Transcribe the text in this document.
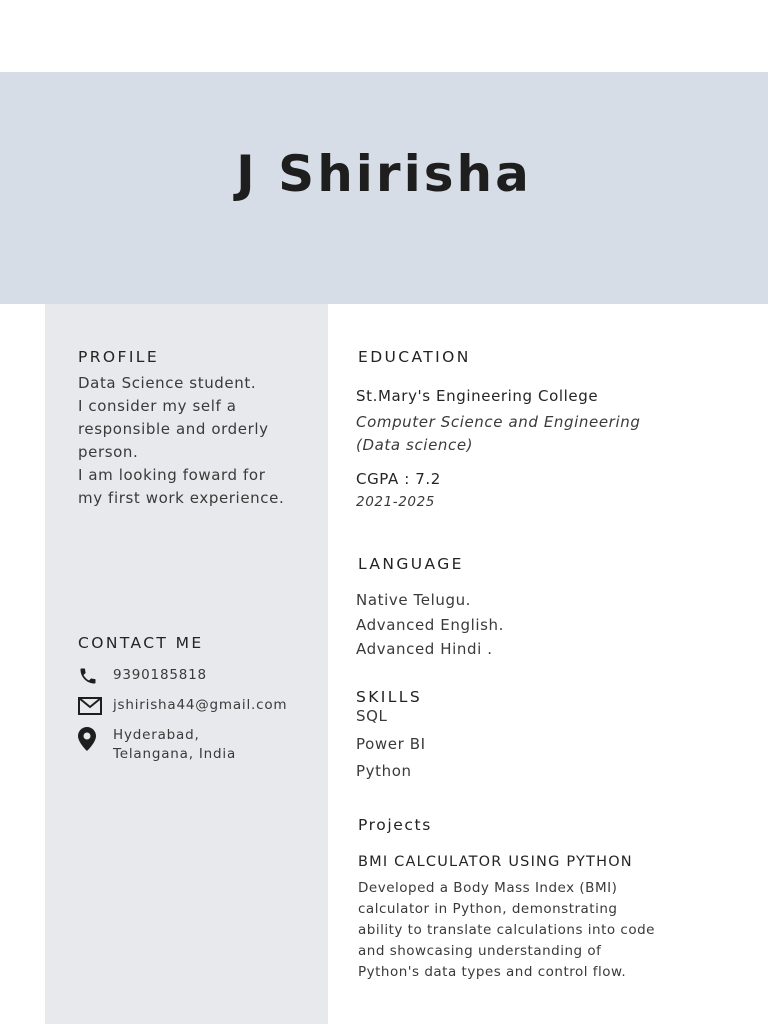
J Shirisha
PROFILE
Data Science student.
I consider my self a
responsible and orderly
person.
I am looking foward for
my first work experience.
CONTACT ME
9390185818
jshirisha44@gmail.com
Hyderabad,
Telangana, India
EDUCATION
St.Mary's Engineering College
Computer Science and Engineering
(Data science)
CGPA : 7.2
2021-2025
LANGUAGE
Native Telugu.
Advanced English.
Advanced Hindi .
SKILLS
SQL
Power BI
Python
Projects
BMI CALCULATOR USING PYTHON
Developed a Body Mass Index (BMI)
calculator in Python, demonstrating
ability to translate calculations into code
and showcasing understanding of
Python's data types and control flow.
